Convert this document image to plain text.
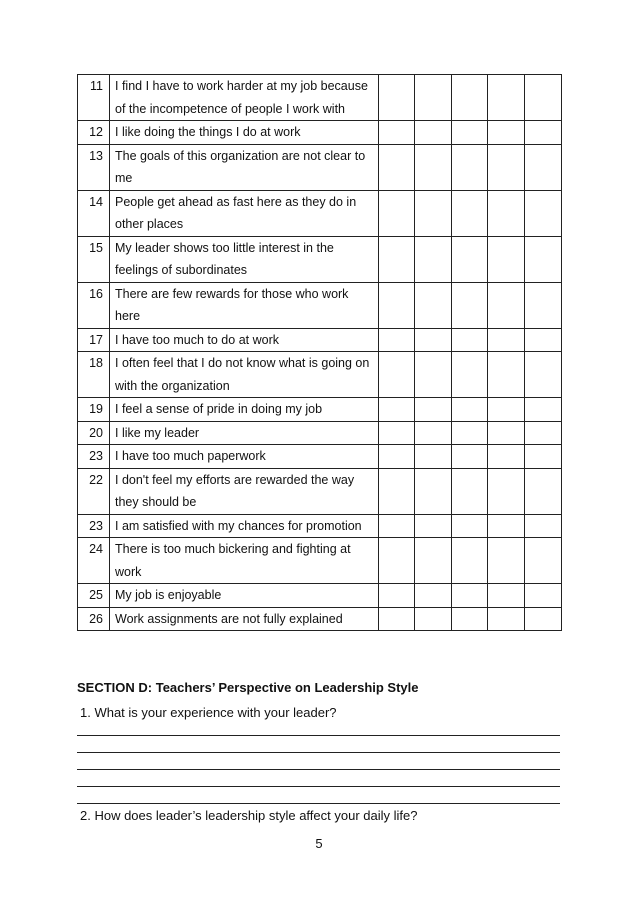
11	I find I have to work harder at my job because of the incompetence of people I work with					
12	I like doing the things I do at work					
13	The goals of this organization are not clear to me					
14	People get ahead as fast here as they do in other places					
15	My leader shows too little interest in the feelings of subordinates					
16	There are few rewards for those who work here					
17	I have too much to do at work					
18	I often feel that I do not know what is going on with the organization					
19	I feel a sense of pride in doing my job					
20	I like my leader					
23	I have too much paperwork					
22	I don't feel my efforts are rewarded the way they should be					
23	I am satisfied with my chances for promotion					
24	There is too much bickering and fighting at work					
25	My job is enjoyable					
26	Work assignments are not fully explained					

SECTION D: Teachers’ Perspective on Leadership Style

1. What is your experience with your leader?

2. How does leader’s leadership style affect your daily life?

5
